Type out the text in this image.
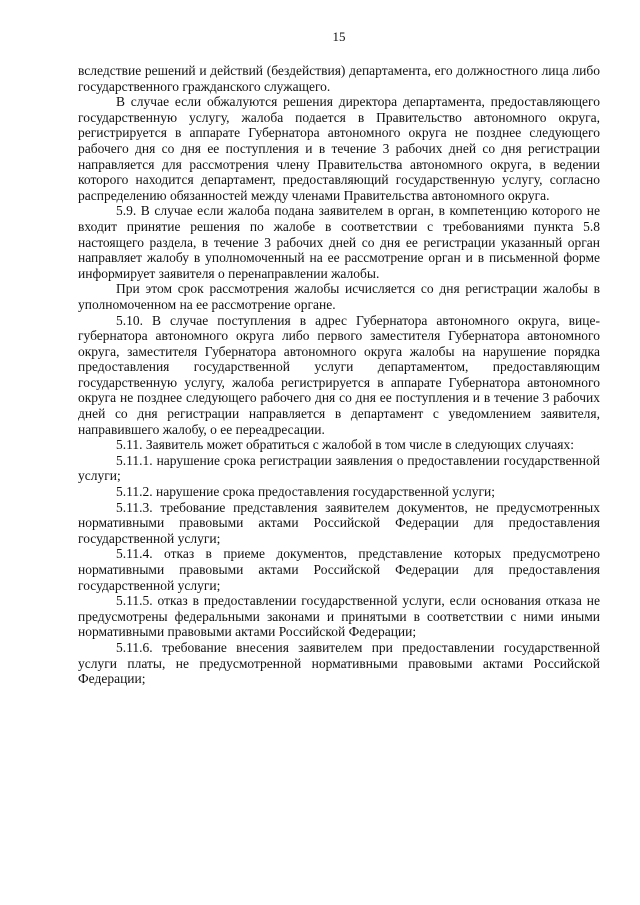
15

вследствие решений и действий (бездействия) департамента, его должностного лица либо государственного гражданского служащего.

В случае если обжалуются решения директора департамента, предоставляющего государственную услугу, жалоба подается в Правительство автономного округа, регистрируется в аппарате Губернатора автономного округа не позднее следующего рабочего дня со дня ее поступления и в течение 3 рабочих дней со дня регистрации направляется для рассмотрения члену Правительства автономного округа, в ведении которого находится департамент, предоставляющий государственную услугу, согласно распределению обязанностей между членами Правительства автономного округа.

5.9. В случае если жалоба подана заявителем в орган, в компетенцию которого не входит принятие решения по жалобе в соответствии с требованиями пункта 5.8 настоящего раздела, в течение 3 рабочих дней со дня ее регистрации указанный орган направляет жалобу в уполномоченный на ее рассмотрение орган и в письменной форме информирует заявителя о перенаправлении жалобы.

При этом срок рассмотрения жалобы исчисляется со дня регистрации жалобы в уполномоченном на ее рассмотрение органе.

5.10. В случае поступления в адрес Губернатора автономного округа, вице-губернатора автономного округа либо первого заместителя Губернатора автономного округа, заместителя Губернатора автономного округа жалобы на нарушение порядка предоставления государственной услуги департаментом, предоставляющим государственную услугу, жалоба регистрируется в аппарате Губернатора автономного округа не позднее следующего рабочего дня со дня ее поступления и в течение 3 рабочих дней со дня регистрации направляется в департамент с уведомлением заявителя, направившего жалобу, о ее переадресации.

5.11. Заявитель может обратиться с жалобой в том числе в следующих случаях:

5.11.1. нарушение срока регистрации заявления о предоставлении государственной услуги;

5.11.2. нарушение срока предоставления государственной услуги;

5.11.3. требование представления заявителем документов, не предусмотренных нормативными правовыми актами Российской Федерации для предоставления государственной услуги;

5.11.4. отказ в приеме документов, представление которых предусмотрено нормативными правовыми актами Российской Федерации для предоставления государственной услуги;

5.11.5. отказ в предоставлении государственной услуги, если основания отказа не предусмотрены федеральными законами и принятыми в соответствии с ними иными нормативными правовыми актами Российской Федерации;

5.11.6. требование внесения заявителем при предоставлении государственной услуги платы, не предусмотренной нормативными правовыми актами Российской Федерации;
